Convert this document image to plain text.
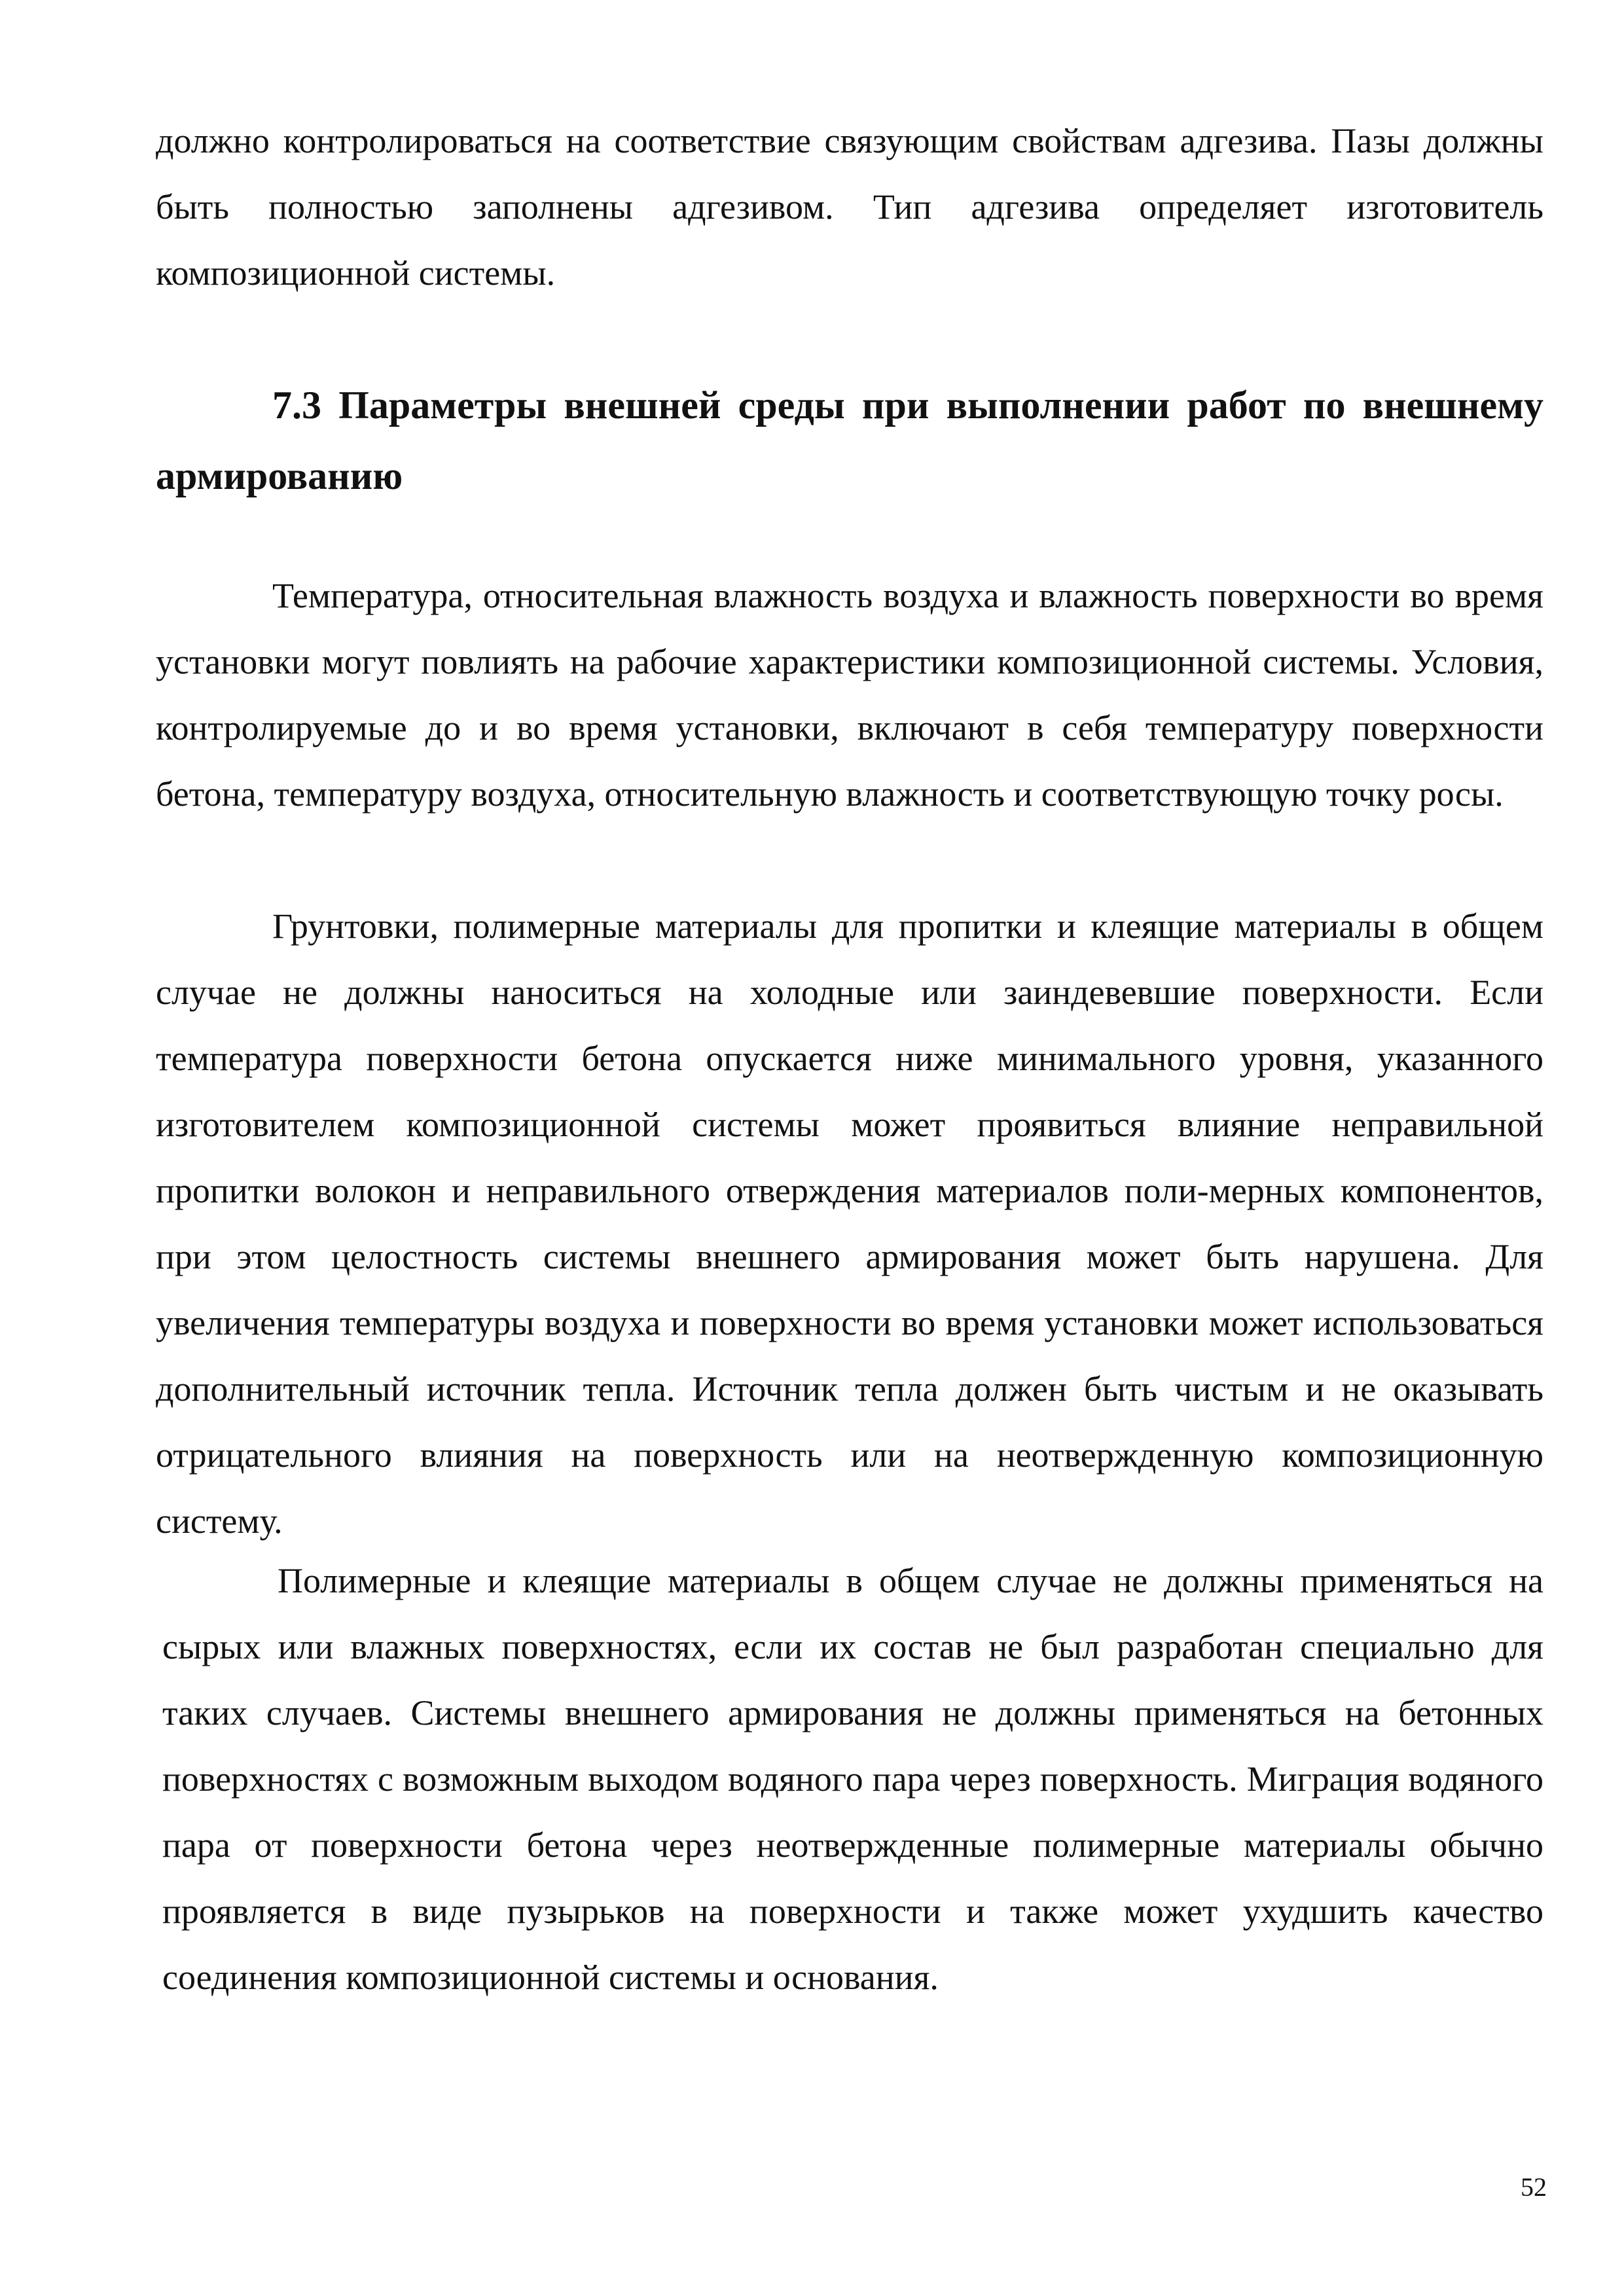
должно контролироваться на соответствие связующим свойствам адгезива. Пазы должны быть полностью заполнены адгезивом. Тип адгезива определяет изготовитель композиционной системы.

7.3 Параметры внешней среды при выполнении работ по внешнему армированию

Температура, относительная влажность воздуха и влажность поверхности во время установки могут повлиять на рабочие характеристики композиционной системы. Условия, контролируемые до и во время установки, включают в себя температуру поверхности бетона, температуру воздуха, относительную влажность и соответствующую точку росы.

Грунтовки, полимерные материалы для пропитки и клеящие материалы в общем случае не должны наноситься на холодные или заиндевевшие поверхности. Если температура поверхности бетона опускается ниже минимального уровня, указанного изготовителем композиционной системы может проявиться влияние неправильной пропитки волокон и неправильного отверждения материалов поли-мерных компонентов, при этом целостность системы внешнего армирования может быть нарушена. Для увеличения температуры воздуха и поверхности во время установки может использоваться дополнительный источник тепла. Источник тепла должен быть чистым и не оказывать отрицательного влияния на поверхность или на неотвержденную композиционную систему.

Полимерные и клеящие материалы в общем случае не должны применяться на сырых или влажных поверхностях, если их состав не был разработан специально для таких случаев. Системы внешнего армирования не должны применяться на бетонных поверхностях с возможным выходом водяного пара через поверхность. Миграция водяного пара от поверхности бетона через неотвержденные полимерные материалы обычно проявляется в виде пузырьков на поверхности и также может ухудшить качество соединения композиционной системы и основания.

52
